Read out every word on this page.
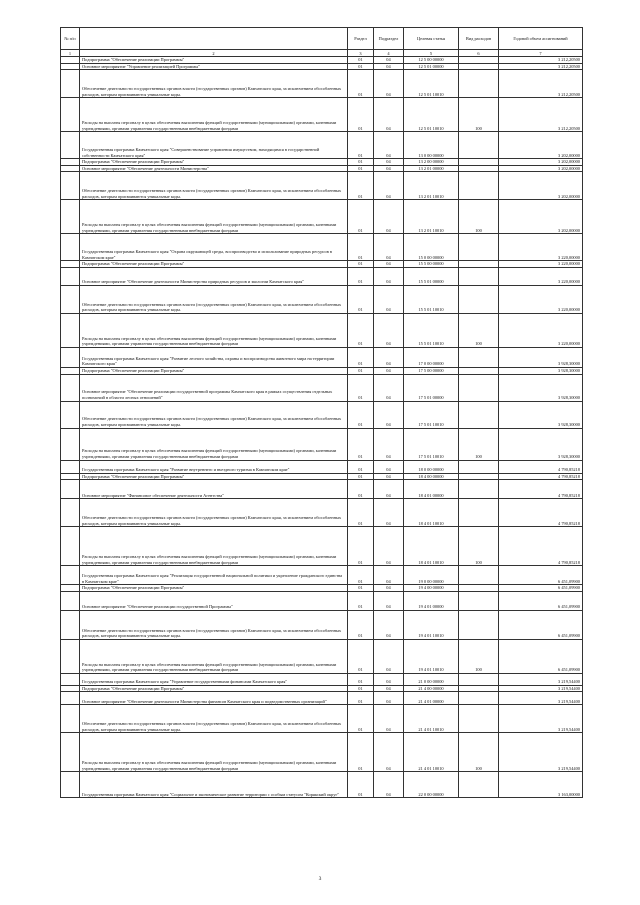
№ п/п		Раздел	Подраздел	Целевая статья	Вид расходов	Годовой объем ассигнований
1	2	3	4	5	6	7
	Подпрограмма "Обеспечение реализации Программы"	01	04	12 5 00 00000		3 212,20500
	Основное мероприятие "Управление реализацией Программы"	01	04	12 5 01 00000		3 212,20500
	Обеспечение деятельности государственных органов власти (государственных органов) Камчатского края, за исключением обособленных расходов, которым присваиваются уникальные коды.	01	04	12 5 01 10010		3 212,20500
	Расходы на выплаты персоналу в целях обеспечения выполнения функций государственными (муниципальными) органами, казенными учреждениями, органами управления государственными внебюджетными фондами	01	04	12 5 01 10010	100	3 212,20500
	Государственная программа Камчатского края "Совершенствование управления имуществом, находящимся в государственной собственности Камчатского края"	01	04	13 0 00 00000		3 202,00000
	Подпрограмма "Обеспечение реализации Программы"	01	04	13 2 00 00000		3 202,00000
	Основное мероприятие "Обеспечение деятельности Министерства"	01	04	13 2 01 00000		3 202,00000
	Обеспечение деятельности государственных органов власти (государственных органов) Камчатского края, за исключением обособленных расходов, которым присваиваются уникальные коды.	01	04	13 2 01 10010		3 202,00000
	Расходы на выплаты персоналу в целях обеспечения выполнения функций государственными (муниципальными) органами, казенными учреждениями, органами управления государственными внебюджетными фондами	01	04	13 2 01 10010	100	3 202,00000
	Государственная программа Камчатского края "Охрана окружающей среды, воспроизводство и использование природных ресурсов в Камчатском крае"	01	04	15 0 00 00000		3 220,00000
	Подпрограмма "Обеспечение реализации Программы"	01	04	15 5 00 00000		3 220,00000
	Основное мероприятие "Обеспечение деятельности Министерства природных ресурсов и экологии Камчатского края"	01	04	15 5 01 00000		3 220,00000
	Обеспечение деятельности государственных органов власти (государственных органов) Камчатского края, за исключением обособленных расходов, которым присваиваются уникальные коды.	01	04	15 5 01 10010		3 220,00000
	Расходы на выплаты персоналу в целях обеспечения выполнения функций государственными (муниципальными) органами, казенными учреждениями, органами управления государственными внебюджетными фондами	01	04	15 5 01 10010	100	3 220,00000
	Государственная программа Камчатского края "Развитие лесного хозяйства, охраны и воспроизводства животного мира на территории Камчатского края"	01	04	17 0 00 00000		3 928,30000
	Подпрограмма "Обеспечение реализации Программы"	01	04	17 5 00 00000		3 928,30000
	Основное мероприятие "Обеспечение реализации государственной программы Камчатского края в рамках осуществления отдельных полномочий в области лесных отношений"	01	04	17 5 01 00000		3 928,30000
	Обеспечение деятельности государственных органов власти (государственных органов) Камчатского края, за исключением обособленных расходов, которым присваиваются уникальные коды.	01	04	17 5 01 10010		3 928,30000
	Расходы на выплаты персоналу в целях обеспечения выполнения функций государственными (муниципальными) органами, казенными учреждениями, органами управления государственными внебюджетными фондами	01	04	17 5 01 10010	100	3 928,30000
	Государственная программа Камчатского края "Развитие внутреннего и въездного туризма в Камчатском крае"	01	04	18 0 00 00000		4 790,85218
	Подпрограмма "Обеспечение реализации Программы"	01	04	18 4 00 00000		4 790,85218
	Основное мероприятие "Финансовое обеспечение деятельности Агентства"	01	04	18 4 01 00000		4 790,85218
	Обеспечение деятельности государственных органов власти (государственных органов) Камчатского края, за исключением обособленных расходов, которым присваиваются уникальные коды.	01	04	18 4 01 10010		4 790,85218
	Расходы на выплаты персоналу в целях обеспечения выполнения функций государственными (муниципальными) органами, казенными учреждениями, органами управления государственными внебюджетными фондами	01	04	18 4 01 10010	100	4 790,85218
	Государственная программа Камчатского края "Реализация государственной национальной политики и укрепление гражданского единства в Камчатском крае"	01	04	19 0 00 00000		6 451,09900
	Подпрограмма "Обеспечение реализации Программы"	01	04	19 4 00 00000		6 451,09900
	Основное мероприятие "Обеспечение реализации государственной Программы"	01	04	19 4 01 00000		6 451,09900
	Обеспечение деятельности государственных органов власти (государственных органов) Камчатского края, за исключением обособленных расходов, которым присваиваются уникальные коды.	01	04	19 4 01 10010		6 451,09900
	Расходы на выплаты персоналу в целях обеспечения выполнения функций государственными (муниципальными) органами, казенными учреждениями, органами управления государственными внебюджетными фондами	01	04	19 4 01 10010	100	6 451,09900
	Государственная программа Камчатского края "Управление государственными финансами Камчатского края"	01	04	21 0 00 00000		3 219,54400
	Подпрограмма "Обеспечение реализации Программы"	01	04	21 4 00 00000		3 219,54400
	Основное мероприятие "Обеспечение деятельности Министерства финансов Камчатского края и подведомственных организаций"	01	04	21 4 01 00000		3 219,54400
	Обеспечение деятельности государственных органов власти (государственных органов) Камчатского края, за исключением обособленных расходов, которым присваиваются уникальные коды.	01	04	21 4 01 10010		3 219,54400
	Расходы на выплаты персоналу в целях обеспечения выполнения функций государственными (муниципальными) органами, казенными учреждениями, органами управления государственными внебюджетными фондами	01	04	21 4 01 10010	100	3 219,54400
	Государственная программа Камчатского края "Социальное и экономическое развитие территории с особым статусом "Корякский округ"	01	04	22 0 00 00000		3 163,00000
3
